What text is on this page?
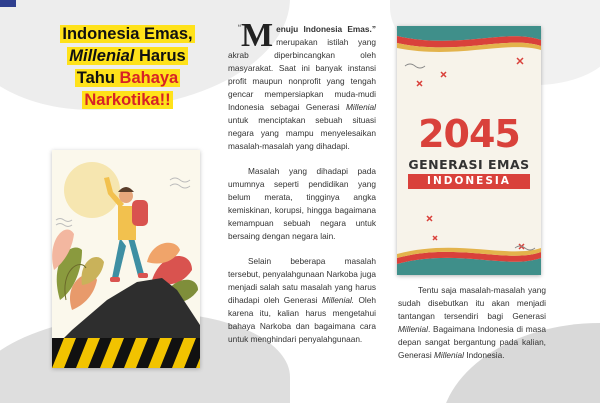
Indonesia Emas,
Millenial Harus
Tahu Bahaya
Narkotika!!

“ M enuju Indonesia Emas.” merupakan istilah yang akrab diperbincangkan oleh masyarakat. Saat ini banyak instansi profit maupun nonprofit yang tengah gencar mempersiapkan muda-mudi Indonesia sebagai Generasi Millenial untuk menciptakan sebuah situasi negara yang mampu menyelesaikan masalah-masalah yang dihadapi.

Masalah yang dihadapi pada umumnya seperti pendidikan yang belum merata, tingginya angka kemiskinan, korupsi, hingga bagaimana kemampuan sebuah negara untuk bersaing dengan negara lain.

Selain beberapa masalah tersebut, penyalahgunaan Narkoba juga menjadi salah satu masalah yang harus dihadapi oleh Generasi Millenial. Oleh karena itu, kalian harus mengetahui bahaya Narkoba dan bagaimana cara untuk menghindari penyalahgunaan.

2045
GENERASI EMAS
INDONESIA

Tentu saja masalah-masalah yang sudah disebutkan itu akan menjadi tantangan tersendiri bagi Generasi Millenial. Bagaimana Indonesia di masa depan sangat bergantung pada kalian, Generasi Millenial Indonesia.
